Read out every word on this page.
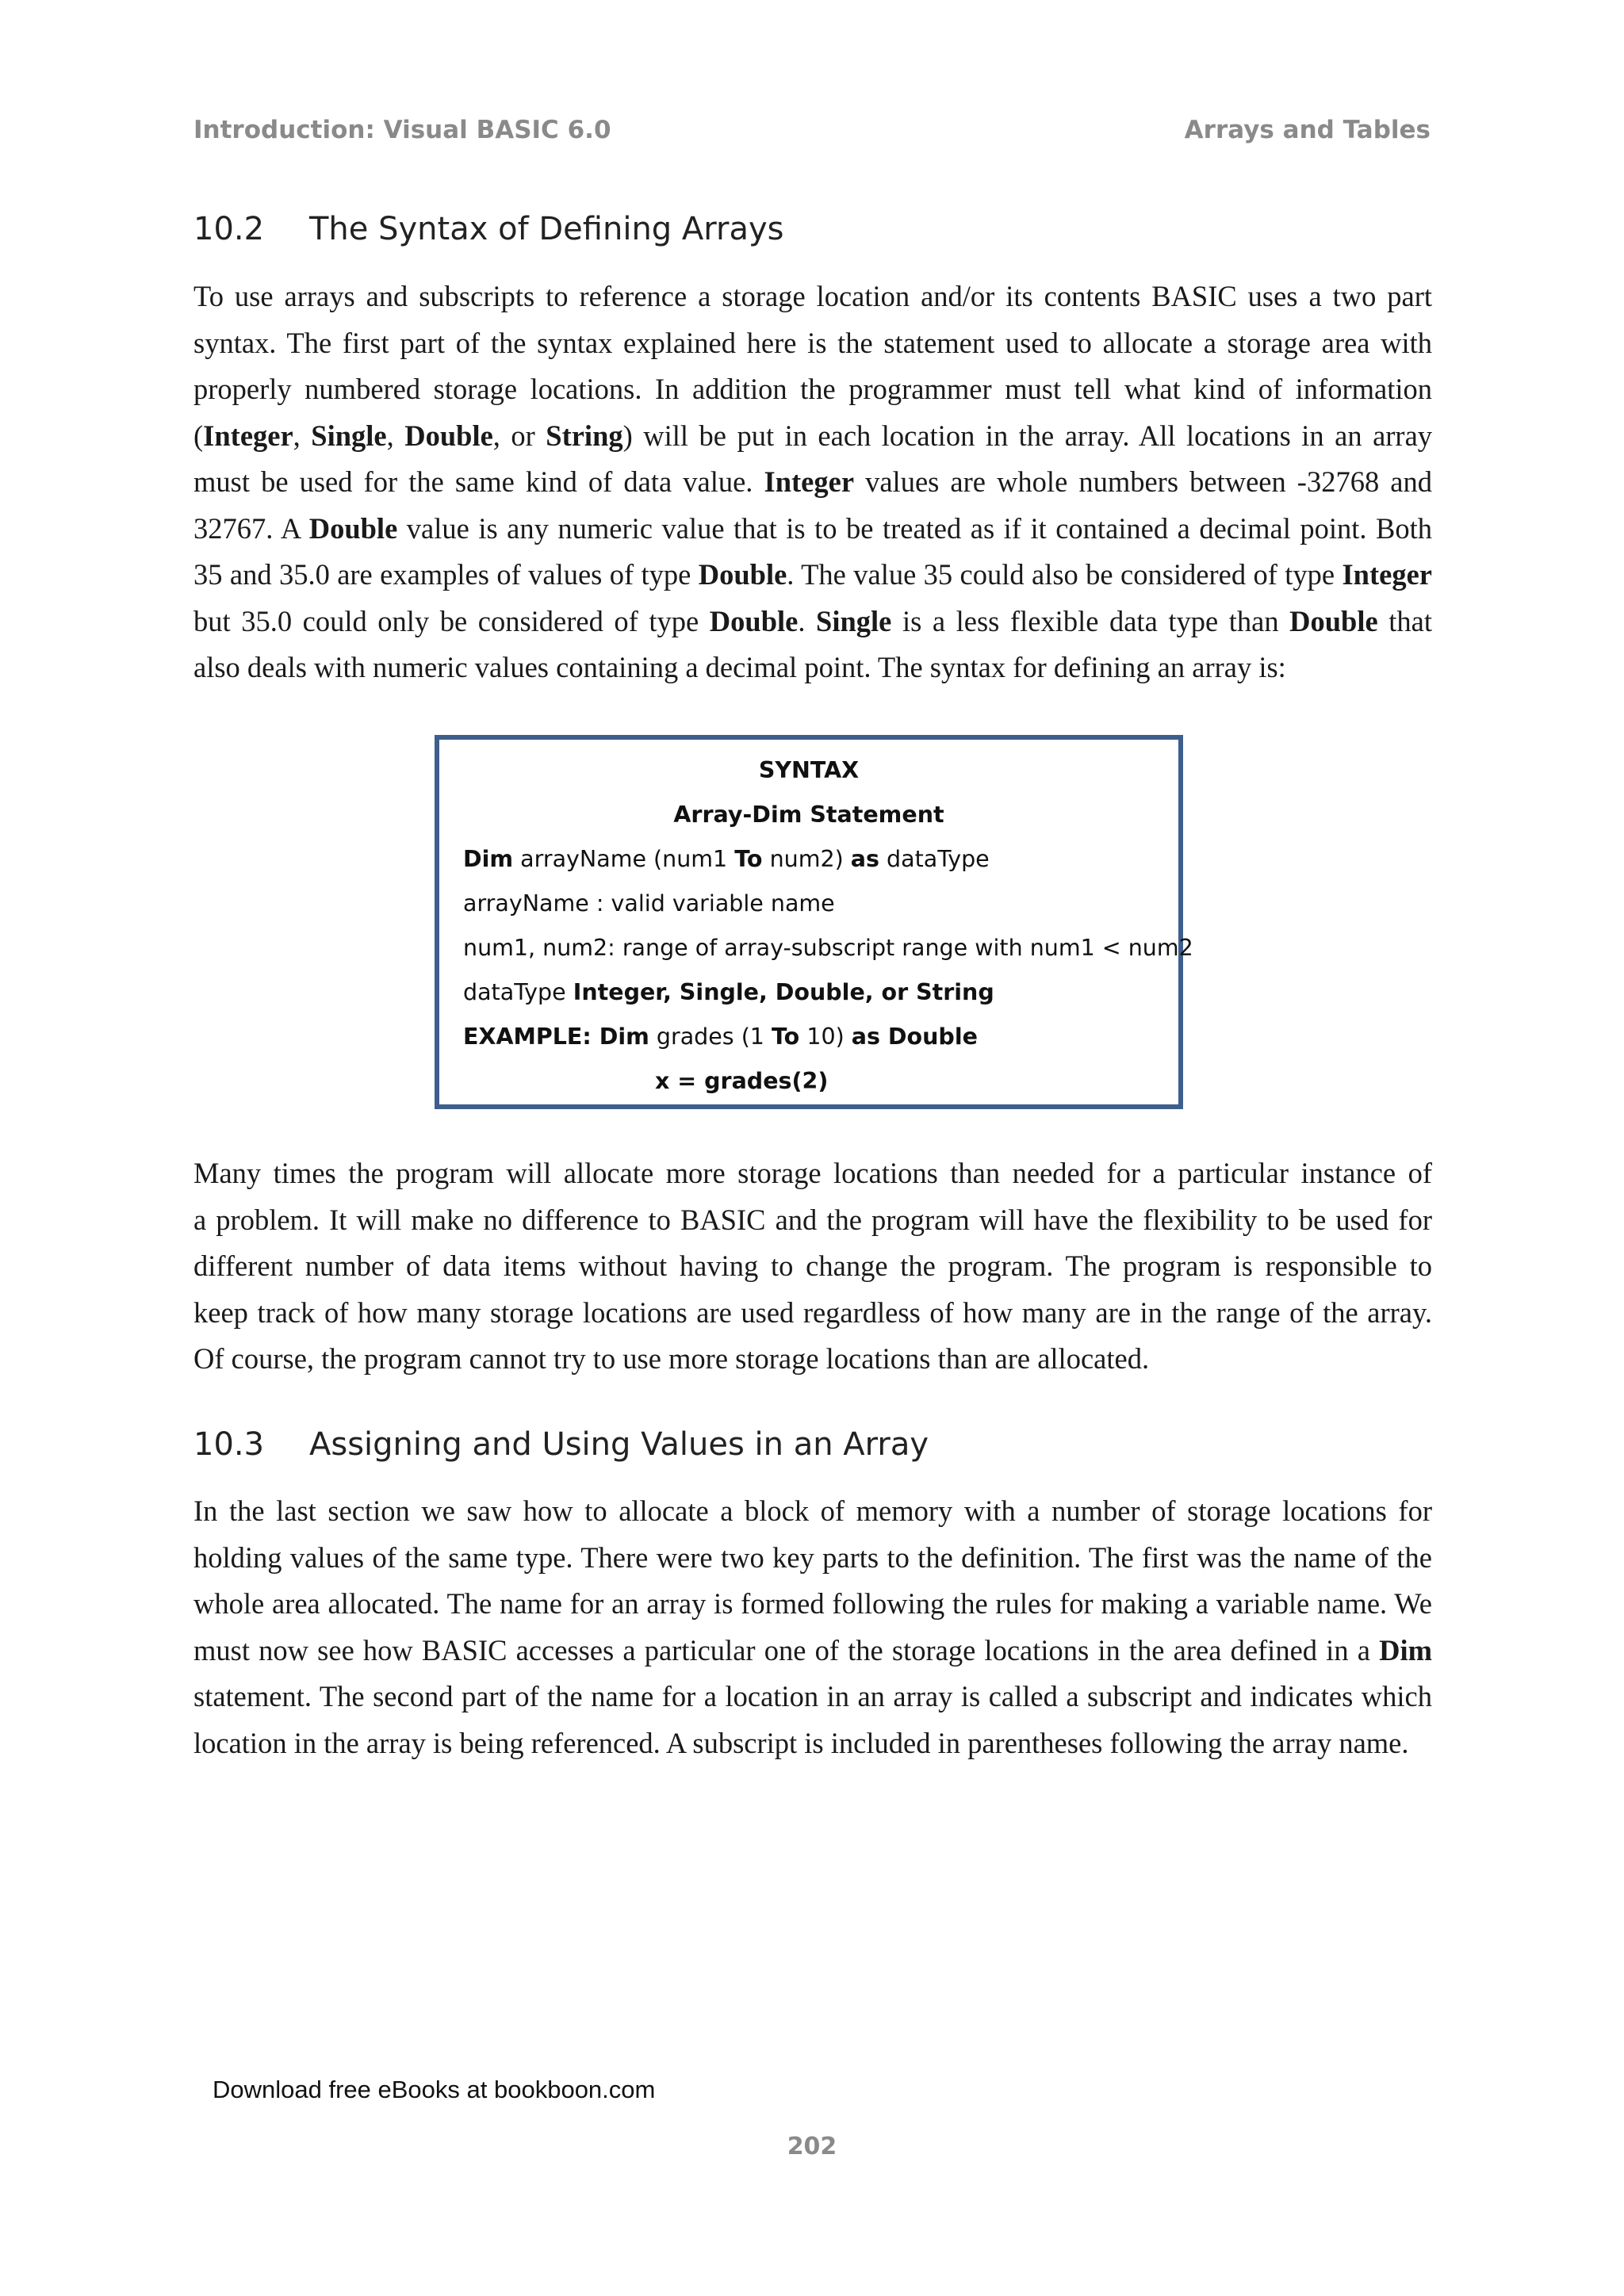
Introduction: Visual BASIC 6.0	Arrays and Tables
10.2	The Syntax of Defining Arrays

To use arrays and subscripts to reference a storage location and/or its contents BASIC uses a two part
syntax. The first part of the syntax explained here is the statement used to allocate a storage area with
properly numbered storage locations. In addition the programmer must tell what kind of information
(Integer, Single, Double, or String) will be put in each location in the array. All locations in an array
must be used for the same kind of data value. Integer values are whole numbers between -32768 and
32767. A Double value is any numeric value that is to be treated as if it contained a decimal point. Both
35 and 35.0 are examples of values of type Double. The value 35 could also be considered of type Integer
but 35.0 could only be considered of type Double. Single is a less flexible data type than Double that
also deals with numeric values containing a decimal point. The syntax for defining an array is:

SYNTAX
Array-Dim Statement
Dim arrayName (num1 To num2) as dataType
arrayName : valid variable name
num1, num2: range of array-subscript range with num1 < num2
dataType Integer, Single, Double, or String
EXAMPLE: Dim grades (1 To 10) as Double
x = grades(2)

Many times the program will allocate more storage locations than needed for a particular instance of
a problem. It will make no difference to BASIC and the program will have the flexibility to be used for
different number of data items without having to change the program. The program is responsible to
keep track of how many storage locations are used regardless of how many are in the range of the array.
Of course, the program cannot try to use more storage locations than are allocated.

10.3	Assigning and Using Values in an Array

In the last section we saw how to allocate a block of memory with a number of storage locations for
holding values of the same type. There were two key parts to the definition. The first was the name of the
whole area allocated. The name for an array is formed following the rules for making a variable name. We
must now see how BASIC accesses a particular one of the storage locations in the area defined in a Dim
statement. The second part of the name for a location in an array is called a subscript and indicates which
location in the array is being referenced. A subscript is included in parentheses following the array name.

Download free eBooks at bookboon.com
202
